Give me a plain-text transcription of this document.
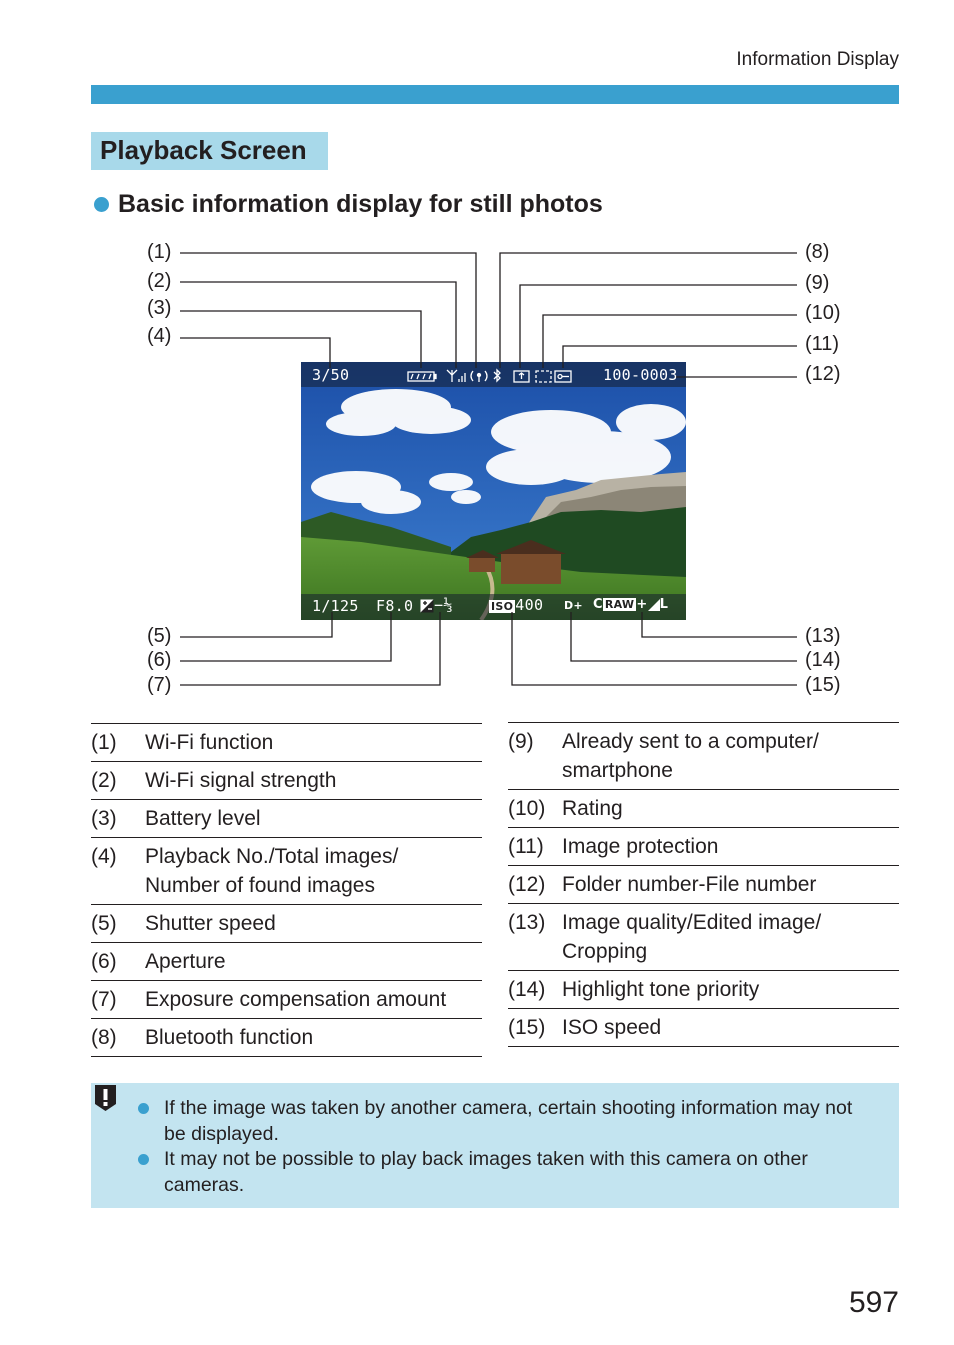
Information Display
Playback Screen
Basic information display for still photos
(1)
(2)
(3)
(4)
(5)
(6)
(7)
(8)
(9)
(10)
(11)
(12)
(13)
(14)
(15)
3/50	100-0003
1/125 F8.0 −⅓	ISO 400 D+ C RAW + L
(1)	Wi-Fi function
(2)	Wi-Fi signal strength
(3)	Battery level
(4)	Playback No./Total images/ Number of found images
(5)	Shutter speed
(6)	Aperture
(7)	Exposure compensation amount
(8)	Bluetooth function
(9)	Already sent to a computer/ smartphone
(10) Rating
(11) Image protection
(12) Folder number-File number
(13) Image quality/Edited image/ Cropping
(14) Highlight tone priority
(15) ISO speed
If the image was taken by another camera, certain shooting information may not be displayed.
It may not be possible to play back images taken with this camera on other cameras.
597
